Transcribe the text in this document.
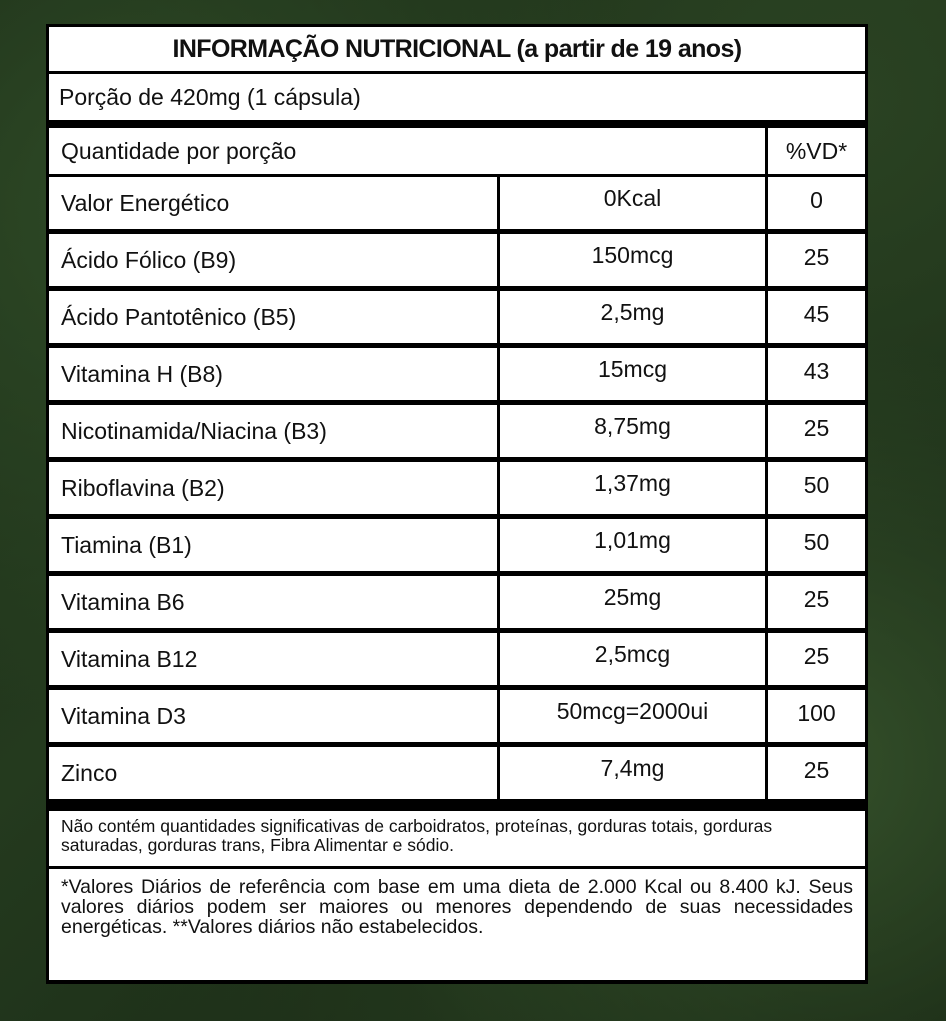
INFORMAÇÃO NUTRICIONAL (a partir de 19 anos)
Porção de 420mg (1 cápsula)
Quantidade por porção	%VD*
Valor Energético	0Kcal	0
Ácido Fólico (B9)	150mcg	25
Ácido Pantotênico (B5)	2,5mg	45
Vitamina H (B8)	15mcg	43
Nicotinamida/Niacina (B3)	8,75mg	25
Riboflavina (B2)	1,37mg	50
Tiamina (B1)	1,01mg	50
Vitamina B6	25mg	25
Vitamina B12	2,5mcg	25
Vitamina D3	50mcg=2000ui	100
Zinco	7,4mg	25
Não contém quantidades significativas de carboidratos, proteínas, gorduras totais, gorduras saturadas, gorduras trans, Fibra Alimentar e sódio.
*Valores Diários de referência com base em uma dieta de 2.000 Kcal ou 8.400 kJ. Seus valores diários podem ser maiores ou menores dependendo de suas necessidades energéticas. **Valores diários não estabelecidos.
